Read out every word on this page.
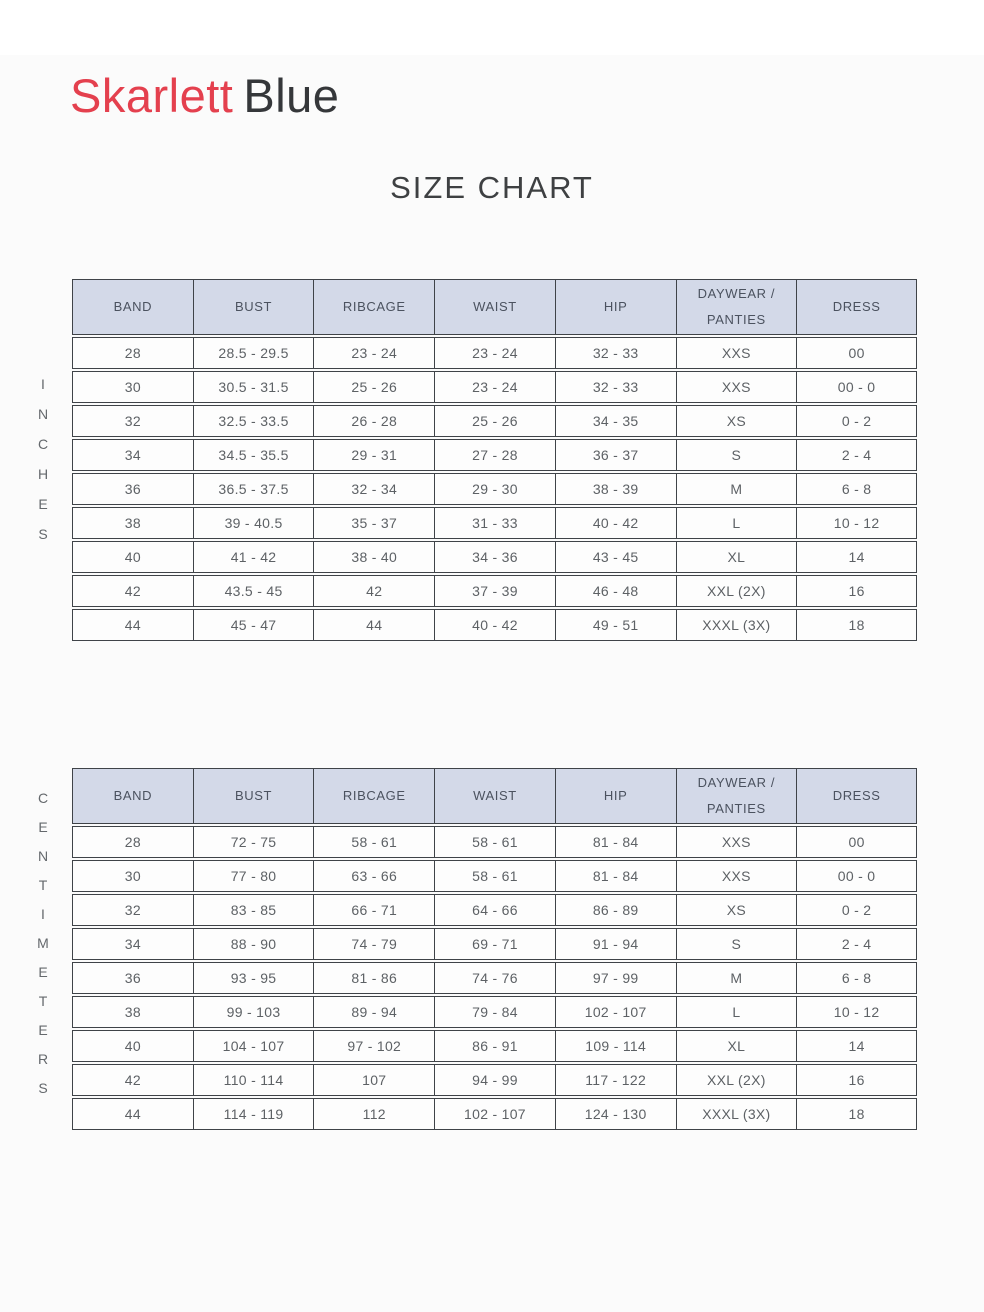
Skarlett Blue
SIZE CHART
I
N
C
H
E
S
BAND	BUST	RIBCAGE	WAIST	HIP	DAYWEAR / PANTIES	DRESS
28	28.5 - 29.5	23 - 24	23 - 24	32 - 33	XXS	00
30	30.5 - 31.5	25 - 26	23 - 24	32 - 33	XXS	00 - 0
32	32.5 - 33.5	26 - 28	25 - 26	34 - 35	XS	0 - 2
34	34.5 - 35.5	29 - 31	27 - 28	36 - 37	S	2 - 4
36	36.5 - 37.5	32 - 34	29 - 30	38 - 39	M	6 - 8
38	39 - 40.5	35 - 37	31 - 33	40 - 42	L	10 - 12
40	41 - 42	38 - 40	34 - 36	43 - 45	XL	14
42	43.5 - 45	42	37 - 39	46 - 48	XXL (2X)	16
44	45 - 47	44	40 - 42	49 - 51	XXXL (3X)	18
C
E
N
T
I
M
E
T
E
R
S
BAND	BUST	RIBCAGE	WAIST	HIP	DAYWEAR / PANTIES	DRESS
28	72 - 75	58 - 61	58 - 61	81 - 84	XXS	00
30	77 - 80	63 - 66	58 - 61	81 - 84	XXS	00 - 0
32	83 - 85	66 - 71	64 - 66	86 - 89	XS	0 - 2
34	88 - 90	74 - 79	69 - 71	91 - 94	S	2 - 4
36	93 - 95	81 - 86	74 - 76	97 - 99	M	6 - 8
38	99 - 103	89 - 94	79 - 84	102 - 107	L	10 - 12
40	104 - 107	97 - 102	86 - 91	109 - 114	XL	14
42	110 - 114	107	94 - 99	117 - 122	XXL (2X)	16
44	114 - 119	112	102 - 107	124 - 130	XXXL (3X)	18
